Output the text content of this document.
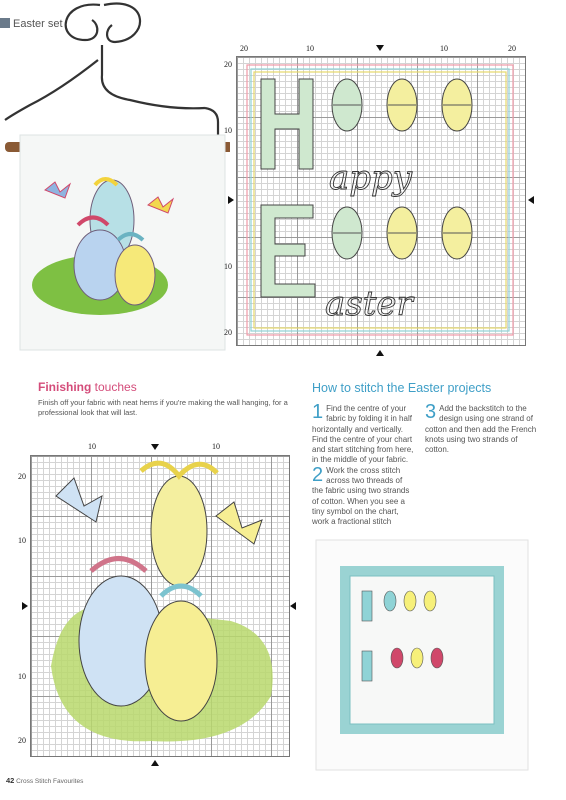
Easter set
appy
aster
20	10	10	20
20
10
10
20
Finishing touches

Finish off your fabric with neat hems if you're making the wall hanging, for a professional look that will last.

How to stitch the Easter projects
1 Find the centre of your fabric by folding it in half horizontally and vertically. Find the centre of your chart and start stitching from here, in the middle of your fabric.

2 Work the cross stitch across two threads of the fabric using two strands of cotton. When you see a tiny symbol on the chart, work a fractional stitch

3 Add the backstitch to the design using one strand of cotton and then add the French knots using two strands of cotton.

10	10
20
10
10
20
42 Cross Stitch Favourites
